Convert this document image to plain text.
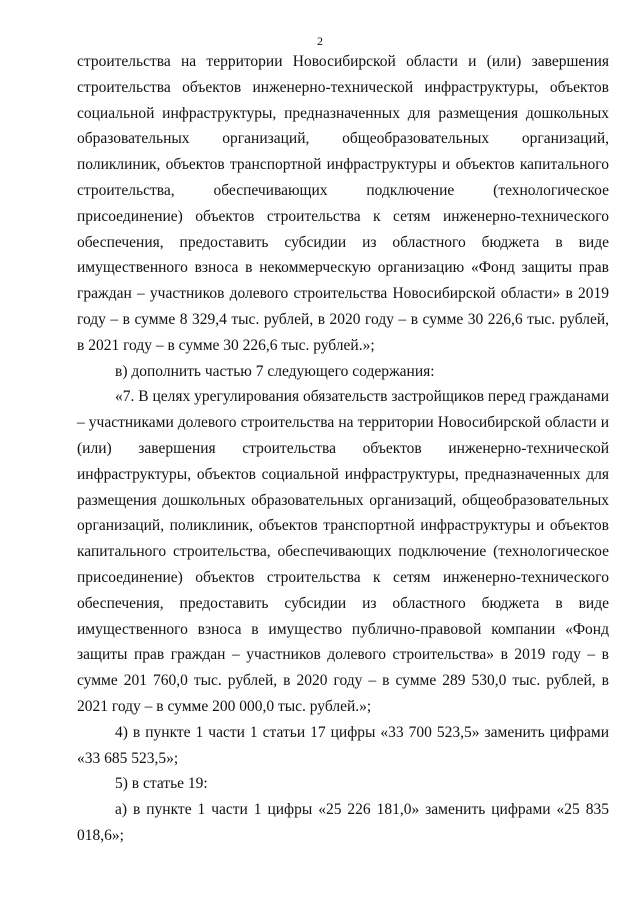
2

строительства на территории Новосибирской области и (или) завершения строительства объектов инженерно-технической инфраструктуры, объектов социальной инфраструктуры, предназначенных для размещения дошкольных образовательных организаций, общеобразовательных организаций, поликлиник, объектов транспортной инфраструктуры и объектов капитального строительства, обеспечивающих подключение (технологическое присоединение) объектов строительства к сетям инженерно-технического обеспечения, предоставить субсидии из областного бюджета в виде имущественного взноса в некоммерческую организацию «Фонд защиты прав граждан – участников долевого строительства Новосибирской области» в 2019 году – в сумме 8 329,4 тыс. рублей, в 2020 году – в сумме 30 226,6 тыс. рублей, в 2021 году – в сумме 30 226,6 тыс. рублей.»;

в) дополнить частью 7 следующего содержания:

«7. В целях урегулирования обязательств застройщиков перед гражданами – участниками долевого строительства на территории Новосибирской области и (или) завершения строительства объектов инженерно-технической инфраструктуры, объектов социальной инфраструктуры, предназначенных для размещения дошкольных образовательных организаций, общеобразовательных организаций, поликлиник, объектов транспортной инфраструктуры и объектов капитального строительства, обеспечивающих подключение (технологическое присоединение) объектов строительства к сетям инженерно-технического обеспечения, предоставить субсидии из областного бюджета в виде имущественного взноса в имущество публично-правовой компании «Фонд защиты прав граждан – участников долевого строительства» в 2019 году – в сумме 201 760,0 тыс. рублей, в 2020 году – в сумме 289 530,0 тыс. рублей, в 2021 году – в сумме 200 000,0 тыс. рублей.»;

4) в пункте 1 части 1 статьи 17 цифры «33 700 523,5» заменить цифрами «33 685 523,5»;

5) в статье 19:

а) в пункте 1 части 1 цифры «25 226 181,0» заменить цифрами «25 835 018,6»;
